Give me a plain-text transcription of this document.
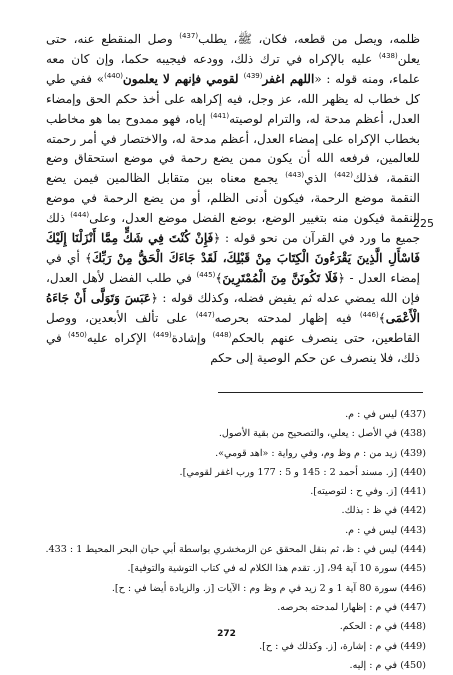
ظلمه، ويصل من قطعه، فكان، ﷺ، يطلب$^{(437)}$ وصل المنقطع عنه، حتى يعلن$^{(438)}$ عليه بالإكراه في ترك ذلك، وودعه فيجيبه حكما، وإن كان معه علماء، ومنه قوله : «اللهم اغفر$^{(439)}$ لقومي فإنهم لا يعلمون$^{(440)}$» ففي طي كل خطاب له يظهر الله، عز وجل، فيه إكراهه على أخذ حكم الحق وإمضاء العدل، أعظم مدحة له، والترام لوصيته$^{(441)}$ إياه، فهو ممدوح بما هو مخاطب بخطاب الإكراه على إمضاء العدل، أعظم مدحة له، والاختصار في أمر رحمته للعالمين، فرفعه الله أن يكون ممن يضع رحمة في موضع استحقاق وضع النقمة، فذلك$^{(442)}$ الذي$^{(443)}$ يجمع معناه بين متقابل الظالمين فيمن يضع النقمة موضع الرحمة، فيكون أدنى الظلم، أو من يضع الرحمة في موضع النقمة فيكون منه بتغيير الوضع، بوضع الفضل موضع العدل، وعلى$^{(444)}$ ذلك جميع ما ورد في القرآن من نحو قوله : ﴿فَإِنْ كُنْتَ فِي شَكٍّ مِمَّا أَنْزَلْنَا إِلَيْكَ فَاسْأَلِ الَّذِينَ يَقْرَءُونَ الْكِتَابَ مِنْ قَبْلِكَ، لَقَدْ جَاءَكَ الْحَقُّ مِنْ رَبِّكَ﴾ أي في إمضاء العدل - ﴿فَلَا تَكُونَنَّ مِنَ الْمُمْتَرِينَ﴾$^{(445)}$ في طلب الفضل لأهل العدل، فإن الله يمضي عدله ثم يفيض فضله، وكذلك قوله : ﴿عَبَسَ وَتَوَلَّى أَنْ جَاءَهُ الْأَعْمَى﴾$^{(446)}$ فيه إظهار لمدحته بحرصه$^{(447)}$ على تألف الأبعدين، ووصل القاطعين، حتى ينصرف عنهم بالحكم$^{(448)}$ وإشادة$^{(449)}$ الإكراه عليه$^{(450)}$ في ذلك، فلا ينصرف عن حكم الوصية إلى حكم

225
(437) ليس في : م.
(438) في الأصل : يعلي، والتصحيح من بقية الأصول.
(439) زيد من : م وظ وم، وفي رواية : «اهد قومي».
(440) [ز. مسند أحمد 2 : 145 و 5 : 177 ورب اغفر لقومي].
(441) [ز. وفي ح : لتوصيته].
(442) في ظ : بذلك.
(443) ليس في : م.
(444) ليس في : ظ، ثم بنقل المحقق عن الزمخشري بواسطة أبي حيان البحر المحيط 1 : 433.
(445) سورة 10 آية 94، [ز. تقدم هذا الكلام له في كتاب التوشية والتوفية].
(446) سورة 80 آية 1 و 2 زيد في م وظ وم : الآيات [ز. والزيادة أيضا في : ح].
(447) في م : إظهارا لمدحته بحرصه.
(448) في م : الحكم.
(449) في م : إشارة، [ز. وكذلك في : ح].
(450) في م : إليه.
272
